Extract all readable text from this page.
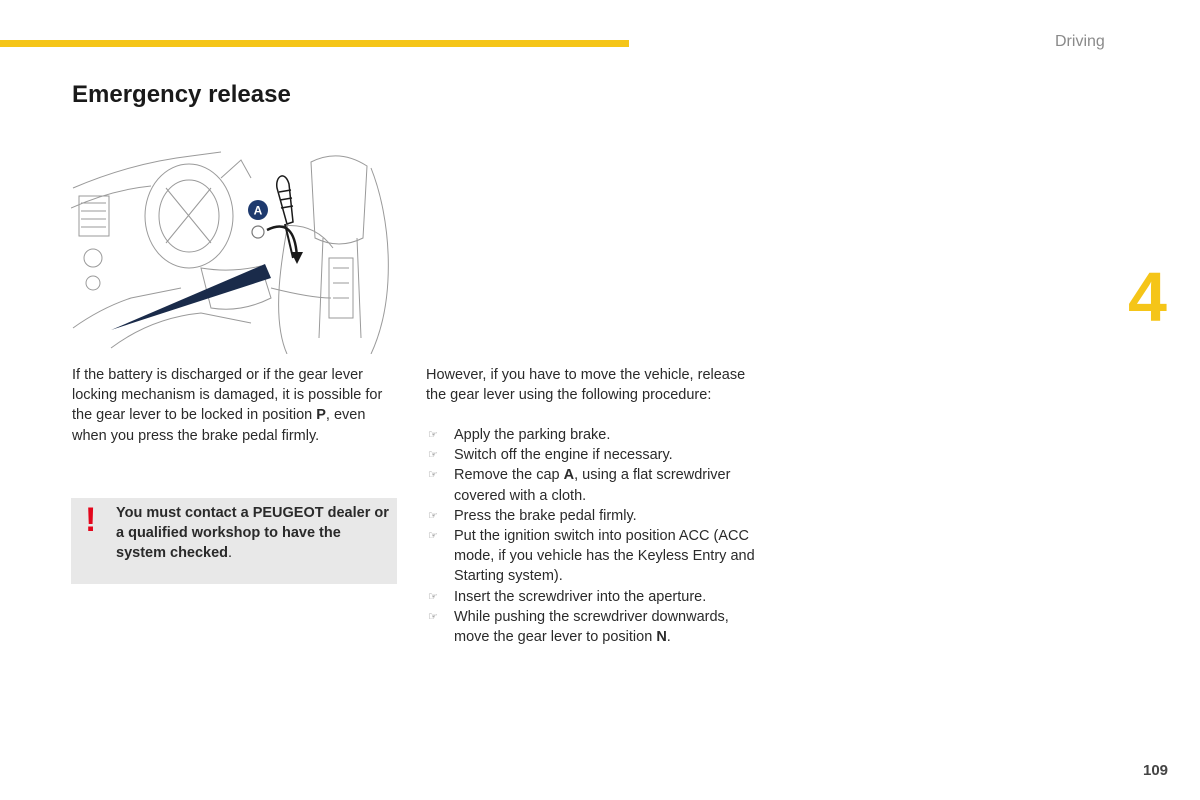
Driving
Emergency release
4
A

If the battery is discharged or if the gear lever locking mechanism is damaged, it is possible for the gear lever to be locked in position P, even when you press the brake pedal firmly.

! You must contact a PEUGEOT dealer or a qualified workshop to have the system checked.

However, if you have to move the vehicle, release the gear lever using the following procedure:

☞ Apply the parking brake.
☞ Switch off the engine if necessary.
☞ Remove the cap A, using a flat screwdriver covered with a cloth.
☞ Press the brake pedal firmly.
☞ Put the ignition switch into position ACC (ACC mode, if you vehicle has the Keyless Entry and Starting system).
☞ Insert the screwdriver into the aperture.
☞ While pushing the screwdriver downwards, move the gear lever to position N.
109
